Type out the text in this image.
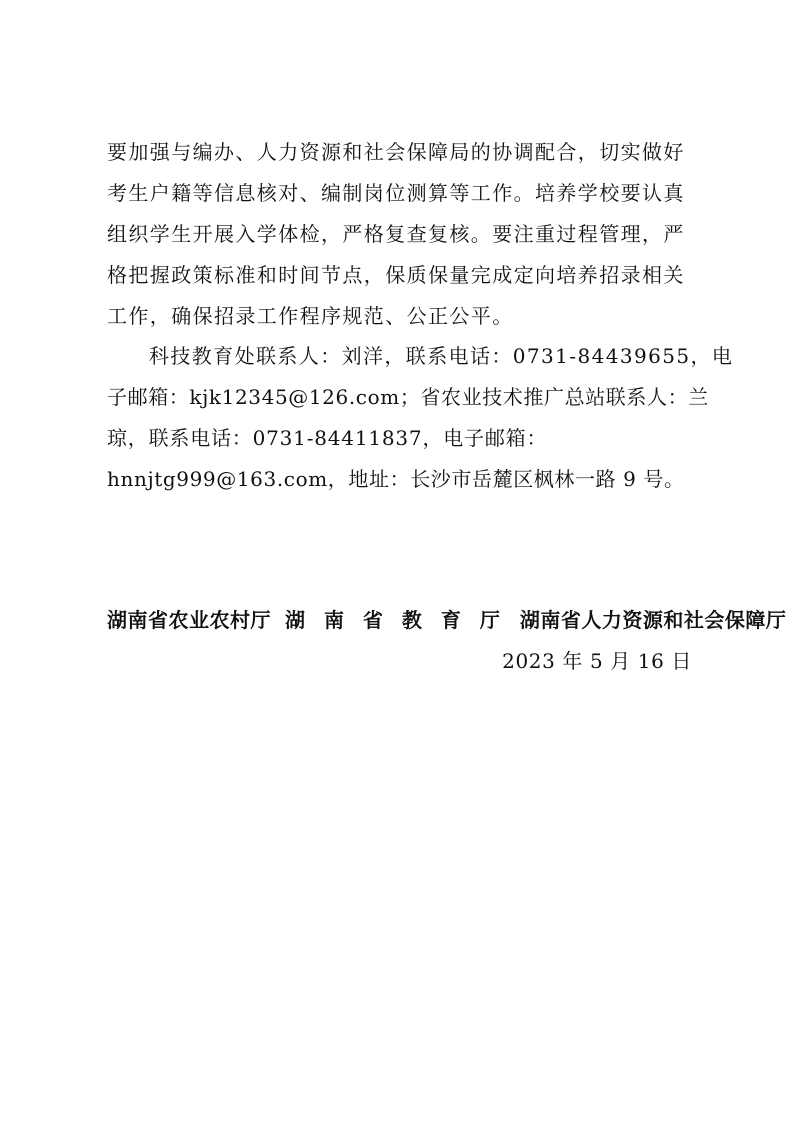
要加强与编办、人力资源和社会保障局的协调配合，切实做好
考生户籍等信息核对、编制岗位测算等工作。培养学校要认真
组织学生开展入学体检，严格复查复核。要注重过程管理，严
格把握政策标准和时间节点，保质保量完成定向培养招录相关
工作，确保招录工作程序规范、公正公平。
科技教育处联系人：刘洋，联系电话：0731-84439655，电
子邮箱：kjk12345@126.com；省农业技术推广总站联系人：兰
琼，联系电话：0731-84411837，电子邮箱：
hnnjtg999@163.com，地址：长沙市岳麓区枫林一路 9 号。
湖南省农业农村厅 湖 南 省 教 育 厅 湖南省人力资源和社会保障厅
2023 年 5 月 16 日
